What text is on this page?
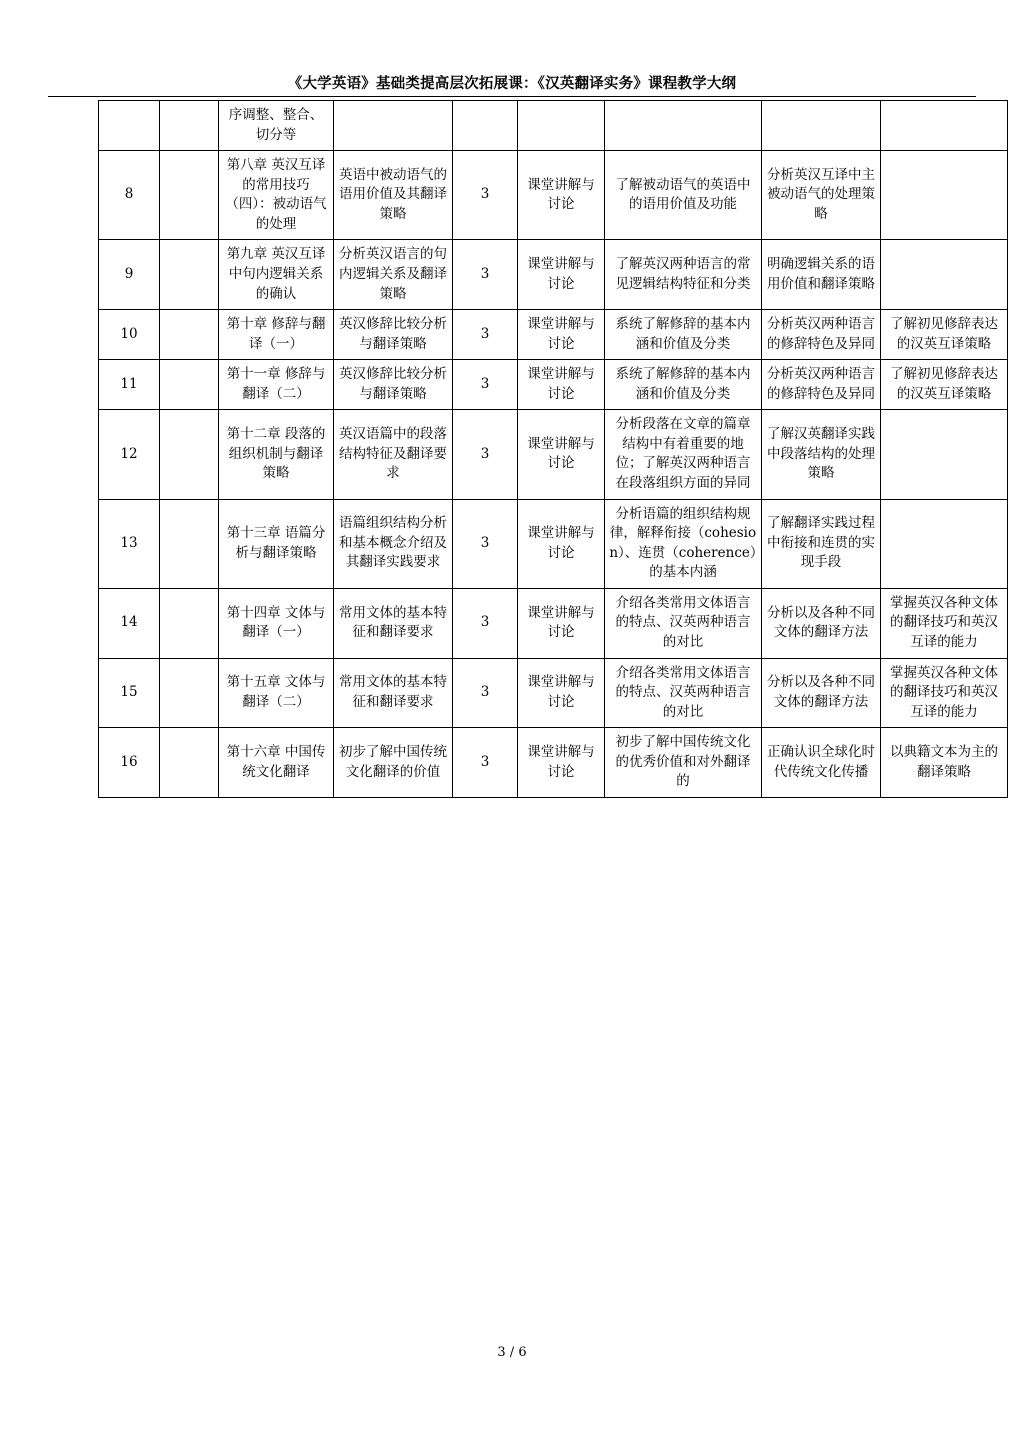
《大学英语》基础类提高层次拓展课：《汉英翻译实务》课程教学大纲
		序调整、整合、切分等						
8		第八章 英汉互译的常用技巧（四）：被动语气的处理	英语中被动语气的语用价值及其翻译策略	3	课堂讲解与讨论	了解被动语气的英语中的语用价值及功能	分析英汉互译中主被动语气的处理策略	
9		第九章 英汉互译中句内逻辑关系的确认	分析英汉语言的句内逻辑关系及翻译策略	3	课堂讲解与讨论	了解英汉两种语言的常见逻辑结构特征和分类	明确逻辑关系的语用价值和翻译策略	
10		第十章 修辞与翻译（一）	英汉修辞比较分析与翻译策略	3	课堂讲解与讨论	系统了解修辞的基本内涵和价值及分类	分析英汉两种语言的修辞特色及异同	了解初见修辞表达的汉英互译策略
11		第十一章 修辞与翻译（二）	英汉修辞比较分析与翻译策略	3	课堂讲解与讨论	系统了解修辞的基本内涵和价值及分类	分析英汉两种语言的修辞特色及异同	了解初见修辞表达的汉英互译策略
12		第十二章 段落的组织机制与翻译策略	英汉语篇中的段落结构特征及翻译要求	3	课堂讲解与讨论	分析段落在文章的篇章结构中有着重要的地位；了解英汉两种语言在段落组织方面的异同	了解汉英翻译实践中段落结构的处理策略	
13		第十三章 语篇分析与翻译策略	语篇组织结构分析和基本概念介绍及其翻译实践要求	3	课堂讲解与讨论	分析语篇的组织结构规律，解释衔接（cohesion）、连贯（coherence）的基本内涵	了解翻译实践过程中衔接和连贯的实现手段	
14		第十四章 文体与翻译（一）	常用文体的基本特征和翻译要求	3	课堂讲解与讨论	介绍各类常用文体语言的特点、汉英两种语言的对比	分析以及各种不同文体的翻译方法	掌握英汉各种文体的翻译技巧和英汉互译的能力
15		第十五章 文体与翻译（二）	常用文体的基本特征和翻译要求	3	课堂讲解与讨论	介绍各类常用文体语言的特点、汉英两种语言的对比	分析以及各种不同文体的翻译方法	掌握英汉各种文体的翻译技巧和英汉互译的能力
16		第十六章 中国传统文化翻译	初步了解中国传统文化翻译的价值	3	课堂讲解与讨论	初步了解中国传统文化的优秀价值和对外翻译的	正确认识全球化时代传统文化传播	以典籍文本为主的翻译策略
3 / 6
